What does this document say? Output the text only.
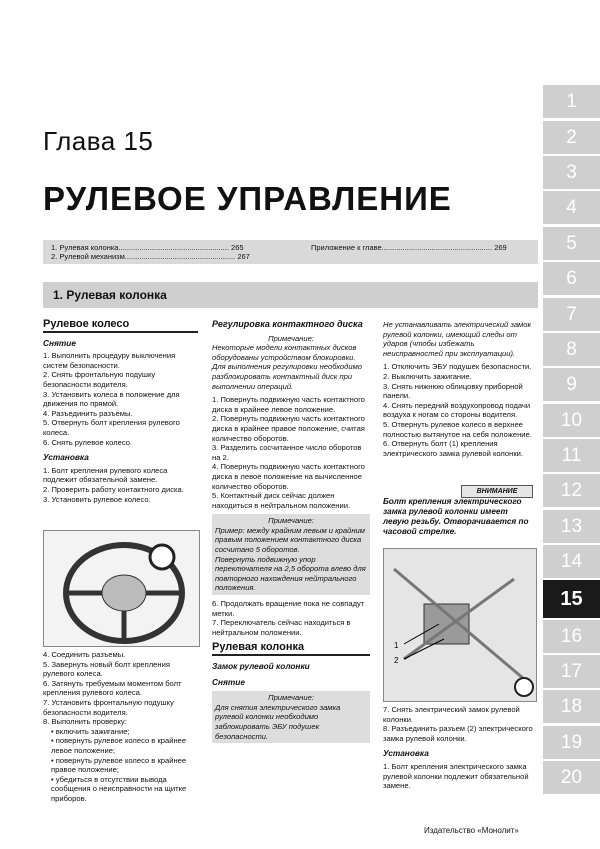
Глава 15
РУЛЕВОЕ УПРАВЛЕНИЕ
1. Рулевая колонка..................................................... 265
2. Рулевой механизм..................................................... 267
Приложение к главе..................................................... 269
1. Рулевая колонка
Рулевое колесо
Снятие

1. Выполнить процедуру выключения систем безопасности.

2. Снять фронтальную подушку безопасности водителя.

3. Установить колеса в положение для движения по прямой.

4. Разъединить разъемы.

5. Отвернуть болт крепления рулевого колеса.

6. Снять рулевое колесо.

Установка

1. Болт крепления рулевого колеса подлежит обязательной замене.

2. Проверить работу контактного диска.

3. Установить рулевое колесо.

4. Соединить разъемы.

5. Завернуть новый болт крепления рулевого колеса.

6. Затянуть требуемым моментом болт крепления рулевого колеса.

7. Установить фронтальную подушку безопасности водителя.

8. Выполнить проверку:

• включить зажигание;

• повернуть рулевое колесо в крайнее левое положение;

• повернуть рулевое колесо в крайнее правое положение;

• убедиться в отсутствии вывода сообщения о неисправности на щитке приборов.

Регулировка контактного диска
Примечание:
Некоторые модели контактных дисков оборудованы устройством блокировки.
Для выполнения регулировки необходимо разблокировать контактный диск при выполнении операций.

1. Повернуть подвижную часть контактного диска в крайнее левое положение.

2. Повернуть подвижную часть контактного диска в крайнее правое положение, считая количество оборотов.

3. Разделить сосчитанное число оборотов на 2.

4. Повернуть подвижную часть контактного диска в левое положение на вычисленное количество оборотов.

5. Контактный диск сейчас должен находиться в нейтральном положении.

Примечание:
Пример: между крайним левым и крайним правым положением контактного диска сосчитано 5 оборотов.
Повернуть подвижную упор переключателя на 2,5 оборота влево для повторного нахождения нейтрального положения.

6. Продолжать вращение пока не совпадут метки.

7. Переключатель сейчас находиться в нейтральном положении.

Рулевая колонка
Замок рулевой колонки
Снятие
Примечание:
Для снятия электрического замка рулевой колонки необходимо заблокировать ЭБУ подушек безопасности.
Не устанавливать электрический замок рулевой колонки, имеющий следы от ударов (чтобы избежать неисправностей при эксплуатации).

1. Отключить ЭБУ подушек безопасности.

2. Выключить зажигание.

3. Снять нижнюю облицовку приборной панели.

4. Снять передний воздухопровод подачи воздуха к ногам со стороны водителя.

5. Отвернуть рулевое колесо в верхнее полностью вытянутое на себя положение.

6. Отвернуть болт (1) крепления электрического замка рулевой колонки.

ВНИМАНИЕ
Болт крепления электрического замка рулевой колонки имеет левую резьбу. Отворачивается по часовой стрелке.
1
2

7. Снять электрический замок рулевой колонки.

8. Разъединить разъем (2) электрического замка рулевой колонки.

Установка

1. Болт крепления электрического замка рулевой колонки подлежит обязательной замене.

1
2
3
4
5
6
7
8
9
10
11
12
13
14
15
16
17
18
19
20
Издательство «Монолит»
